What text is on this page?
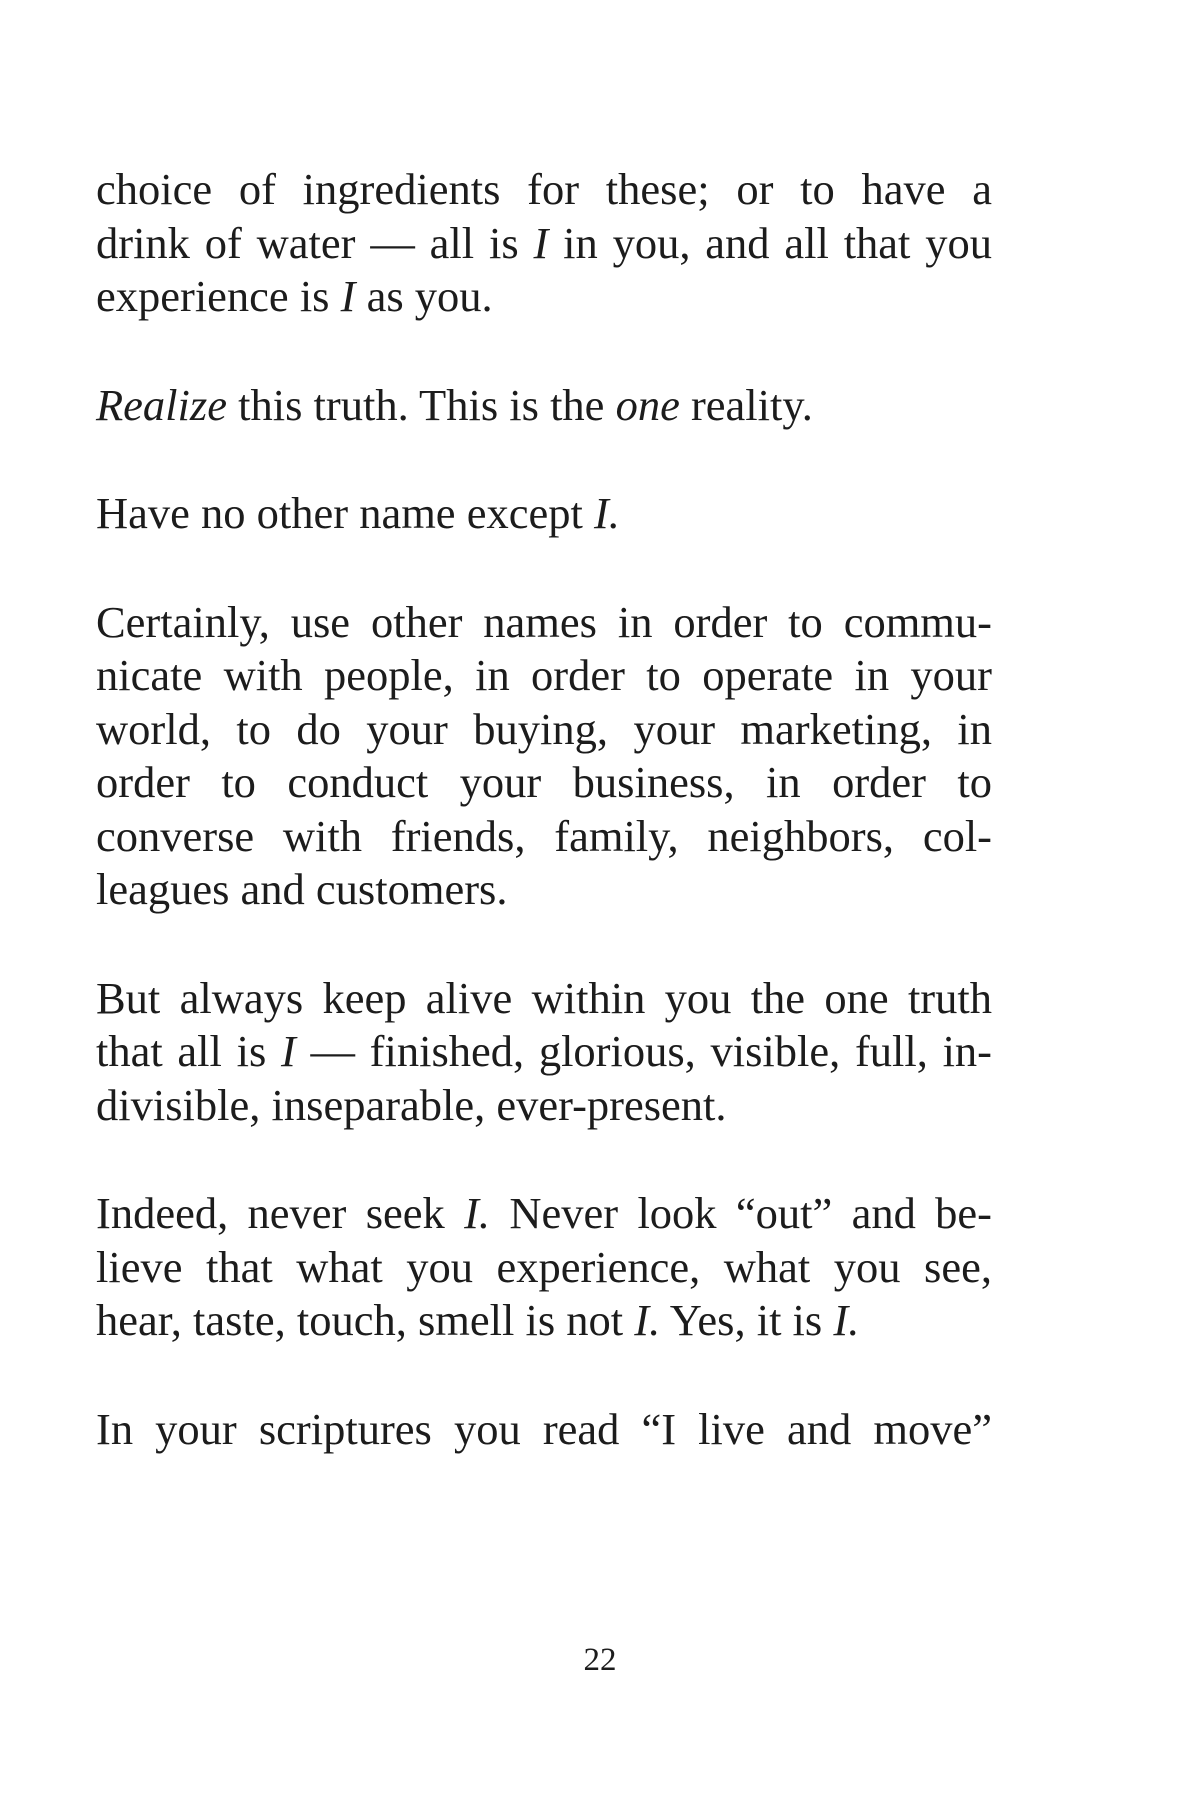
choice of ingredients for these; or to have a
drink of water — all is I in you, and all that you
experience is I as you.
Realize this truth. This is the one reality.
Have no other name except I.
Certainly, use other names in order to commu-
nicate with people, in order to operate in your
world, to do your buying, your marketing, in
order to conduct your business, in order to
converse with friends, family, neighbors, col-
leagues and customers.
But always keep alive within you the one truth
that all is I — finished, glorious, visible, full, in-
divisible, inseparable, ever-present.
Indeed, never seek I. Never look “out” and be-
lieve that what you experience, what you see,
hear, taste, touch, smell is not I. Yes, it is I.
In your scriptures you read “I live and move”
22
